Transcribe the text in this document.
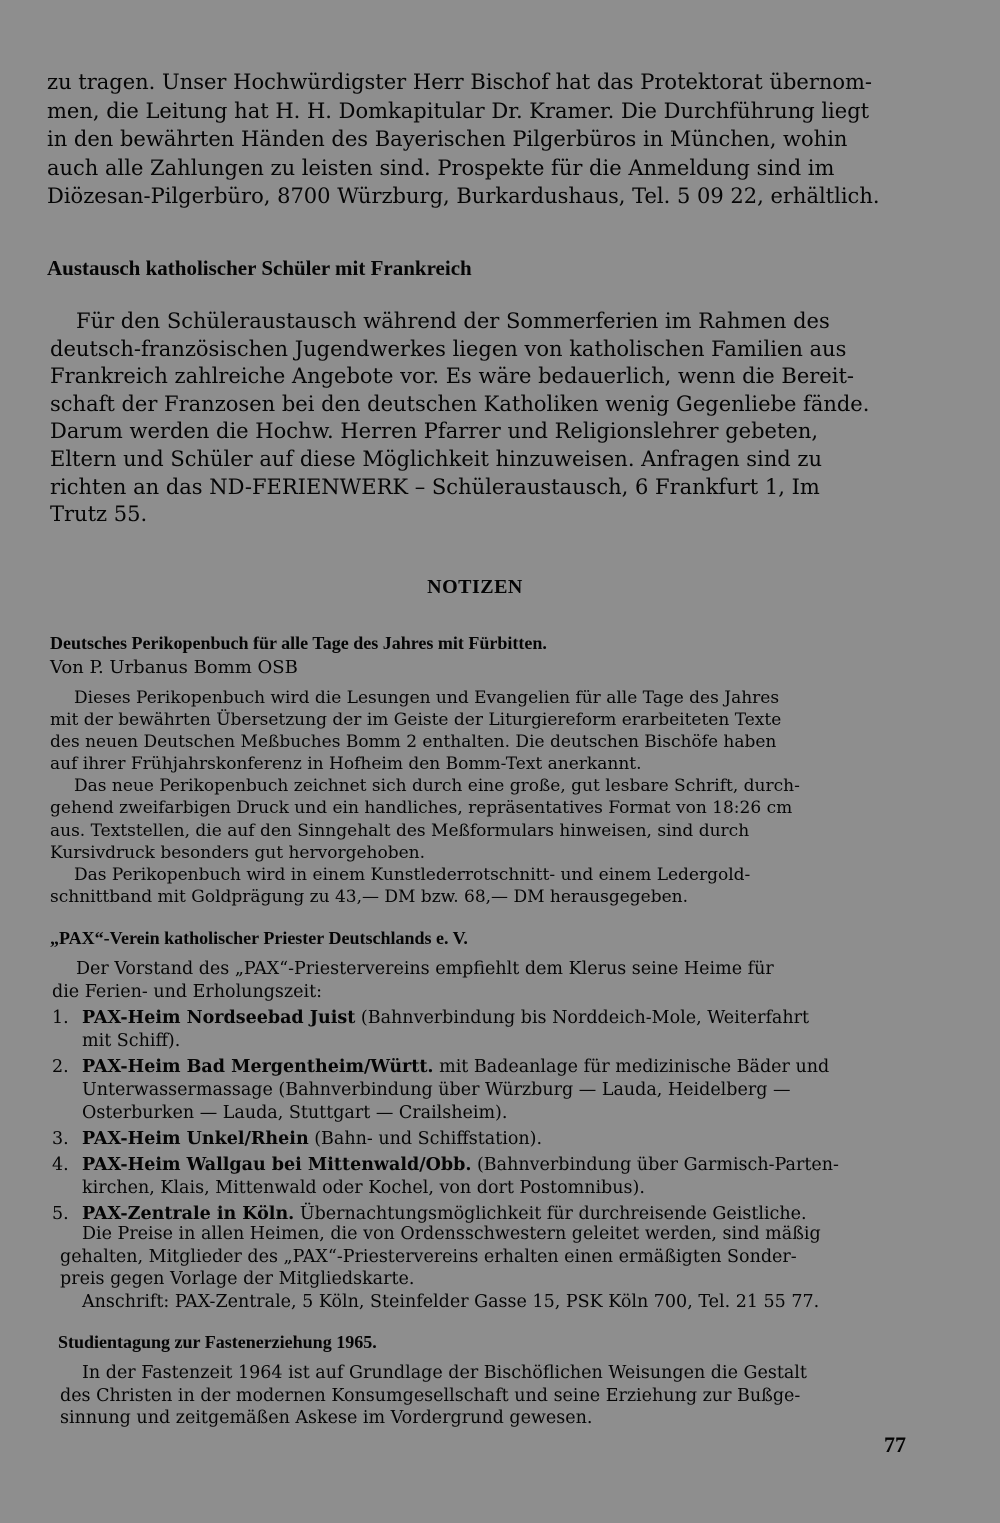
zu tragen. Unser Hochwürdigster Herr Bischof hat das Protektorat übernom-
men, die Leitung hat H. H. Domkapitular Dr. Kramer. Die Durchführung liegt
in den bewährten Händen des Bayerischen Pilgerbüros in München, wohin
auch alle Zahlungen zu leisten sind. Prospekte für die Anmeldung sind im
Diözesan-Pilgerbüro, 8700 Würzburg, Burkardushaus, Tel. 5 09 22, erhältlich.
Austausch katholischer Schüler mit Frankreich
Für den Schüleraustausch während der Sommerferien im Rahmen des
deutsch-französischen Jugendwerkes liegen von katholischen Familien aus
Frankreich zahlreiche Angebote vor. Es wäre bedauerlich, wenn die Bereit-
schaft der Franzosen bei den deutschen Katholiken wenig Gegenliebe fände.
Darum werden die Hochw. Herren Pfarrer und Religionslehrer gebeten,
Eltern und Schüler auf diese Möglichkeit hinzuweisen. Anfragen sind zu
richten an das ND-FERIENWERK – Schüleraustausch, 6 Frankfurt 1, Im
Trutz 55.
NOTIZEN
Deutsches Perikopenbuch für alle Tage des Jahres mit Fürbitten.
Von P. Urbanus Bomm OSB
Dieses Perikopenbuch wird die Lesungen und Evangelien für alle Tage des Jahres
mit der bewährten Übersetzung der im Geiste der Liturgiereform erarbeiteten Texte
des neuen Deutschen Meßbuches Bomm 2 enthalten. Die deutschen Bischöfe haben
auf ihrer Frühjahrskonferenz in Hofheim den Bomm-Text anerkannt.
Das neue Perikopenbuch zeichnet sich durch eine große, gut lesbare Schrift, durch-
gehend zweifarbigen Druck und ein handliches, repräsentatives Format von 18:26 cm
aus. Textstellen, die auf den Sinngehalt des Meßformulars hinweisen, sind durch
Kursivdruck besonders gut hervorgehoben.
Das Perikopenbuch wird in einem Kunstlederrotschnitt- und einem Ledergold-
schnittband mit Goldprägung zu 43,— DM bzw. 68,— DM herausgegeben.
„PAX“-Verein katholischer Priester Deutschlands e. V.
Der Vorstand des „PAX“-Priestervereins empfiehlt dem Klerus seine Heime für
die Ferien- und Erholungszeit:
1. PAX-Heim Nordseebad Juist (Bahnverbindung bis Norddeich-Mole, Weiterfahrt
mit Schiff).
2. PAX-Heim Bad Mergentheim/Württ. mit Badeanlage für medizinische Bäder und
Unterwassermassage (Bahnverbindung über Würzburg — Lauda, Heidelberg —
Osterburken — Lauda, Stuttgart — Crailsheim).
3. PAX-Heim Unkel/Rhein (Bahn- und Schiffstation).
4. PAX-Heim Wallgau bei Mittenwald/Obb. (Bahnverbindung über Garmisch-Parten-
kirchen, Klais, Mittenwald oder Kochel, von dort Postomnibus).
5. PAX-Zentrale in Köln. Übernachtungsmöglichkeit für durchreisende Geistliche.
Die Preise in allen Heimen, die von Ordensschwestern geleitet werden, sind mäßig
gehalten, Mitglieder des „PAX“-Priestervereins erhalten einen ermäßigten Sonder-
preis gegen Vorlage der Mitgliedskarte.
Anschrift: PAX-Zentrale, 5 Köln, Steinfelder Gasse 15, PSK Köln 700, Tel. 21 55 77.
Studientagung zur Fastenerziehung 1965.
In der Fastenzeit 1964 ist auf Grundlage der Bischöflichen Weisungen die Gestalt
des Christen in der modernen Konsumgesellschaft und seine Erziehung zur Bußge-
sinnung und zeitgemäßen Askese im Vordergrund gewesen.
77
